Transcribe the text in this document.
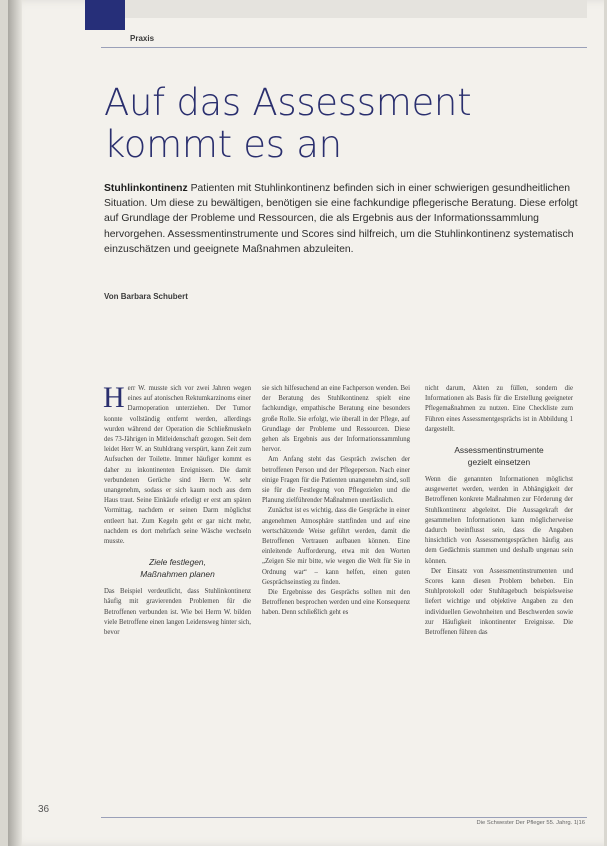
Praxis
Auf das Assessment
kommt es an
Stuhlinkontinenz Patienten mit Stuhlinkontinenz befinden sich in einer schwierigen gesundheitlichen Situation. Um diese zu bewältigen, benötigen sie eine fachkundige pflegerische Beratung. Diese erfolgt auf Grundlage der Probleme und Ressourcen, die als Ergebnis aus der Informationssammlung hervorgehen. Assessmentinstrumente und Scores sind hilfreich, um die Stuhlinkontinenz systematisch einzuschätzen und geeignete Maßnahmen abzuleiten.
Von Barbara Schubert

Herr W. musste sich vor zwei Jahren wegen eines auf atonischen Rektumkarzinoms einer Darmoperation unterziehen. Der Tumor konnte vollständig entfernt werden, allerdings wurden während der Operation die Schließmuskeln des 73-Jährigen in Mitleidenschaft gezogen. Seit dem leidet Herr W. an Stuhldrang verspürt, kann Zeit zum Aufsuchen der Toilette. Immer häufiger kommt es daher zu inkontinenten Ereignissen. Die damit verbundenen Gerüche sind Herrn W. sehr unangenehm, sodass er sich kaum noch aus dem Haus traut. Seine Einkäufe erledigt er erst am späten Vormittag, nachdem er seinen Darm möglichst entleert hat. Zum Kegeln geht er gar nicht mehr, nachdem es dort mehrfach seine Wäsche wechseln musste.

Ziele festlegen,
Maßnahmen planen

Das Beispiel verdeutlicht, dass Stuhlinkontinenz häufig mit gravierenden Problemen für die Betroffenen verbunden ist. Wie bei Herrn W. bilden viele Betroffene einen langen Leidensweg hinter sich, bevor

sie sich hilfesuchend an eine Fachperson wenden. Bei der Beratung des Stuhlkontinenz spielt eine fachkundige, empathische Beratung eine besonders große Rolle. Sie erfolgt, wie überall in der Pflege, auf Grundlage der Probleme und Ressourcen. Diese gehen als Ergebnis aus der Informationssammlung hervor.

Am Anfang steht das Gespräch zwischen der betroffenen Person und der Pflegeperson. Nach einer einige Fragen für die Patienten unangenehm sind, soll sie für die Festlegung von Pflegezielen und die Planung zielführender Maßnahmen unerlässlich.

Zunächst ist es wichtig, dass die Gespräche in einer angenehmen Atmosphäre stattfinden und auf eine wertschätzende Weise geführt werden, damit die Betroffenen Vertrauen aufbauen können. Eine einleitende Aufforderung, etwa mit den Worten „Zeigen Sie mir bitte, wie wegen die Welt für Sie in Ordnung war“ – kann helfen, einen guten Gesprächseinstieg zu finden.

Die Ergebnisse des Gesprächs sollten mit den Betroffenen besprochen werden und eine Konsequenz haben. Denn schließlich geht es

nicht darum, Akten zu füllen, sondern die Informationen als Basis für die Erstellung geeigneter Pflegemaßnahmen zu nutzen. Eine Checkliste zum Führen eines Assessmentgesprächs ist in Abbildung 1 dargestellt.

Assessmentinstrumente
gezielt einsetzen

Wenn die genannten Informationen möglichst ausgewertet werden, werden in Abhängigkeit der Betroffenen konkrete Maßnahmen zur Förderung der Stuhlkontinenz abgeleitet. Die Aussagekraft der gesammelten Informationen kann möglicherweise dadurch beeinflusst sein, dass die Angaben hinsichtlich von Assessmentgesprächen häufig aus dem Gedächtnis stammen und deshalb ungenau sein können.

Der Einsatz von Assessmentinstrumenten und Scores kann diesen Problem beheben. Ein Stuhlprotokoll oder Stuhltagebuch beispielsweise liefert wichtige und objektive Angaben zu den individuellen Gewohnheiten und Beschwerden sowie zur Häufigkeit inkontinenter Ereignisse. Die Betroffenen führen das

36
Die Schwester Der Pfleger 55. Jahrg. 1|16
